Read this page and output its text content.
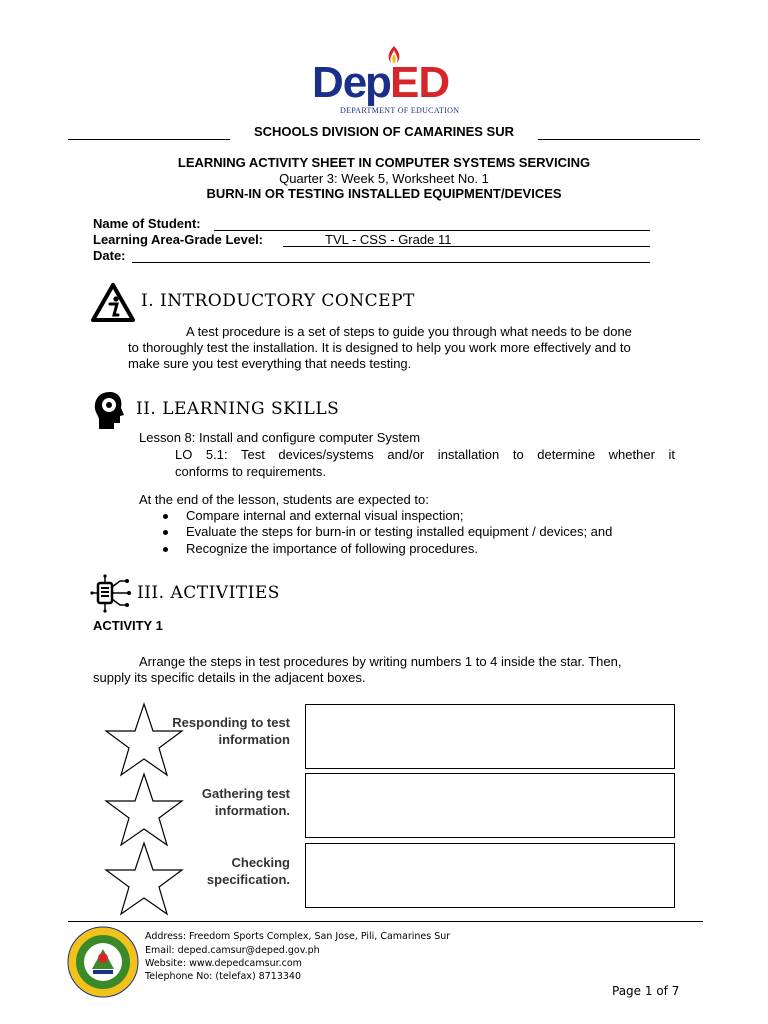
De
p ED
DEPARTMENT OF EDUCATION
SCHOOLS DIVISION OF CAMARINES SUR
LEARNING ACTIVITY SHEET IN COMPUTER SYSTEMS SERVICING
Quarter 3: Week 5, Worksheet No. 1
BURN-IN OR TESTING INSTALLED EQUIPMENT/DEVICES
Name of Student:
Learning Area-Grade Level:	TVL - CSS - Grade 11
Date:
I. INTRODUCTORY CONCEPT
A test procedure is a set of steps to guide you through what needs to be done
to thoroughly test the installation. It is designed to help you work more effectively and to
make sure you test everything that needs testing.
II. LEARNING SKILLS
Lesson 8: Install and configure computer System
LO 5.1: Test devices/systems and/or installation to determine whether it
conforms to requirements.
At the end of the lesson, students are expected to:
Compare internal and external visual inspection;
Evaluate the steps for burn-in or testing installed equipment / devices; and
Recognize the importance of following procedures.
III. ACTIVITIES
ACTIVITY 1
Arrange the steps in test procedures by writing numbers 1 to 4 inside the star. Then,
supply its specific details in the adjacent boxes.
Responding to test
information
Gathering test
information.
Checking
specification.
Address: Freedom Sports Complex, San Jose, Pili, Camarines Sur
Email: deped.camsur@deped.gov.ph
Website: www.depedcamsur.com
Telephone No: (telefax) 8713340
Page 1 of 7
